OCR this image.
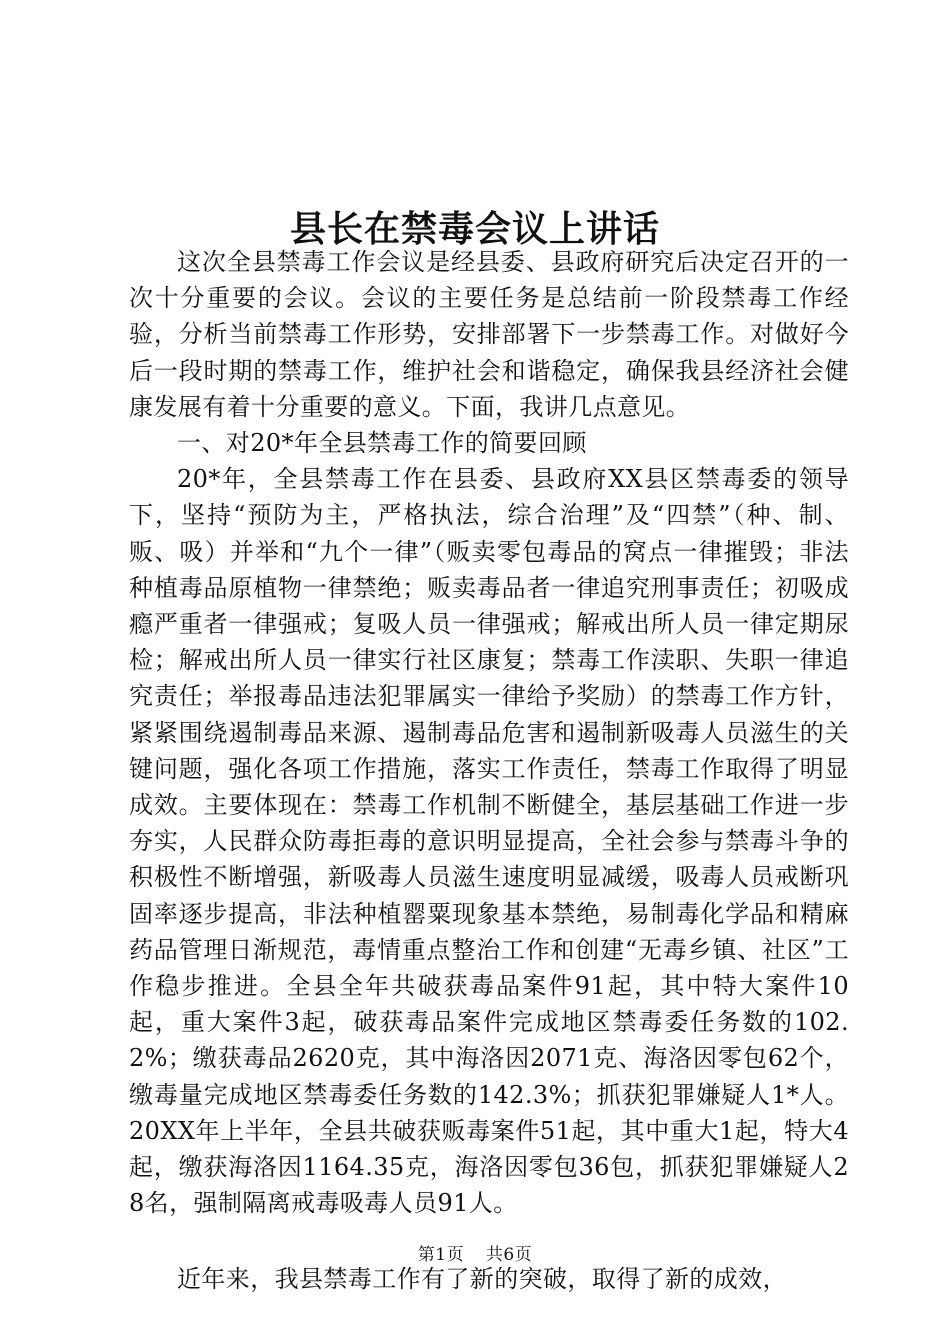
县长在禁毒会议上讲话

这次全县禁毒工作会议是经县委、县政府研究后决定召开的一次十分重要的会议。会议的主要任务是总结前一阶段禁毒工作经验，分析当前禁毒工作形势，安排部署下一步禁毒工作。对做好今后一段时期的禁毒工作，维护社会和谐稳定，确保我县经济社会健康发展有着十分重要的意义。下面，我讲几点意见。

一、对20*年全县禁毒工作的简要回顾

20*年，全县禁毒工作在县委、县政府XX县区禁毒委的领导下，坚持“预防为主，严格执法，综合治理”及“四禁”（种、制、贩、吸）并举和“九个一律”（贩卖零包毒品的窝点一律摧毁；非法种植毒品原植物一律禁绝；贩卖毒品者一律追究刑事责任；初吸成瘾严重者一律强戒；复吸人员一律强戒；解戒出所人员一律定期尿检；解戒出所人员一律实行社区康复；禁毒工作渎职、失职一律追究责任；举报毒品违法犯罪属实一律给予奖励）的禁毒工作方针，紧紧围绕遏制毒品来源、遏制毒品危害和遏制新吸毒人员滋生的关键问题，强化各项工作措施，落实工作责任，禁毒工作取得了明显成效。主要体现在：禁毒工作机制不断健全，基层基础工作进一步夯实，人民群众防毒拒毒的意识明显提高，全社会参与禁毒斗争的积极性不断增强，新吸毒人员滋生速度明显减缓，吸毒人员戒断巩固率逐步提高，非法种植罂粟现象基本禁绝，易制毒化学品和精麻药品管理日渐规范，毒情重点整治工作和创建“无毒乡镇、社区”工作稳步推进。全县全年共破获毒品案件91起，其中特大案件10起，重大案件3起，破获毒品案件完成地区禁毒委任务数的102.2%；缴获毒品2620克，其中海洛因2071克、海洛因零包62个，缴毒量完成地区禁毒委任务数的142.3%；抓获犯罪嫌疑人1*人。20XX年上半年，全县共破获贩毒案件51起，其中重大1起，特大4起，缴获海洛因1164.35克，海洛因零包36包，抓获犯罪嫌疑人28名，强制隔离戒毒吸毒人员91人。

近年来，我县禁毒工作有了新的突破，取得了新的成效，

第1页 共6页
